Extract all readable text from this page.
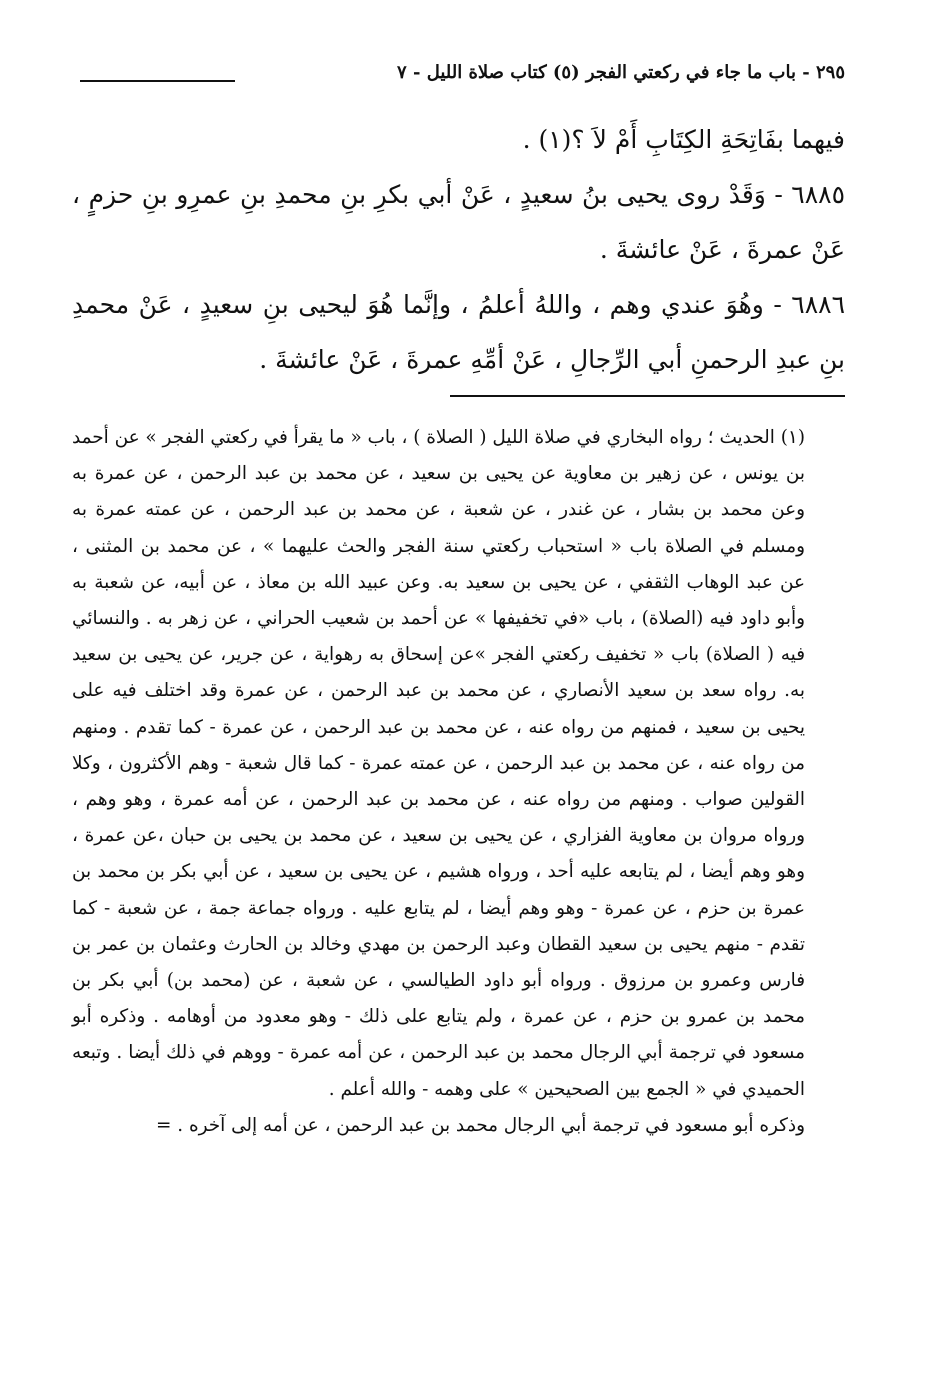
٢٩٥ - باب ما جاء في ركعتي الفجر (٥) كتاب صلاة الليل - ٧

فيهما بفَاتِحَةِ الكِتَابِ أَمْ لاَ ؟(١) .

٦٨٨٥ - وَقَدْ روى يحيى بنُ سعيدٍ ، عَنْ أبي بكرِ بنِ محمدِ بنِ عمرِو بنِ حزمٍ ، عَنْ عمرةَ ، عَنْ عائشةَ .

٦٨٨٦ - وهُوَ عندي وهم ، واللهُ أعلمُ ، وإنَّما هُوَ ليحيى بنِ سعيدٍ ، عَنْ محمدِ بنِ عبدِ الرحمنِ أبي الرِّجالِ ، عَنْ أمِّهِ عمرةَ ، عَنْ عائشةَ .

(١) الحديث ؛ رواه البخاري في صلاة الليل ( الصلاة ) ، باب « ما يقرأ في ركعتي الفجر » عن أحمد بن يونس ، عن زهير بن معاوية عن يحيى بن سعيد ، عن محمد بن عبد الرحمن ، عن عمرة به وعن محمد بن بشار ، عن غندر ، عن شعبة ، عن محمد بن عبد الرحمن ، عن عمته عمرة به ومسلم في الصلاة باب « استحباب ركعتي سنة الفجر والحث عليهما » ، عن محمد بن المثنى ، عن عبد الوهاب الثقفي ، عن يحيى بن سعيد به. وعن عبيد الله بن معاذ ، عن أبيه، عن شعبة به وأبو داود فيه (الصلاة) ، باب «في تخفيفها » عن أحمد بن شعيب الحراني ، عن زهر به . والنسائي فيه ( الصلاة) باب « تخفيف ركعتي الفجر »عن إسحاق به رهواية ، عن جرير، عن يحيى بن سعيد به. رواه سعد بن سعيد الأنصاري ، عن محمد بن عبد الرحمن ، عن عمرة وقد اختلف فيه على يحيى بن سعيد ، فمنهم من رواه عنه ، عن محمد بن عبد الرحمن ، عن عمرة - كما تقدم . ومنهم من رواه عنه ، عن محمد بن عبد الرحمن ، عن عمته عمرة - كما قال شعبة - وهم الأكثرون ، وكلا القولين صواب . ومنهم من رواه عنه ، عن محمد بن عبد الرحمن ، عن أمه عمرة ، وهو وهم ، ورواه مروان بن معاوية الفزاري ، عن يحيى بن سعيد ، عن محمد بن يحيى بن حبان ،عن عمرة ، وهو وهم أيضا ، لم يتابعه عليه أحد ، ورواه هشيم ، عن يحيى بن سعيد ، عن أبي بكر بن محمد بن عمرة بن حزم ، عن عمرة - وهو وهم أيضا ، لم يتابع عليه . ورواه جماعة جمة ، عن شعبة - كما تقدم - منهم يحيى بن سعيد القطان وعبد الرحمن بن مهدي وخالد بن الحارث وعثمان بن عمر بن فارس وعمرو بن مرزوق . ورواه أبو داود الطيالسي ، عن شعبة ، عن (محمد بن) أبي بكر بن محمد بن عمرو بن حزم ، عن عمرة ، ولم يتابع على ذلك - وهو معدود من أوهامه . وذكره أبو مسعود في ترجمة أبي الرجال محمد بن عبد الرحمن ، عن أمه عمرة - ووهم في ذلك أيضا . وتبعه الحميدي في « الجمع بين الصحيحين » على وهمه - والله أعلم .

وذكره أبو مسعود في ترجمة أبي الرجال محمد بن عبد الرحمن ، عن أمه إلى آخره . =
